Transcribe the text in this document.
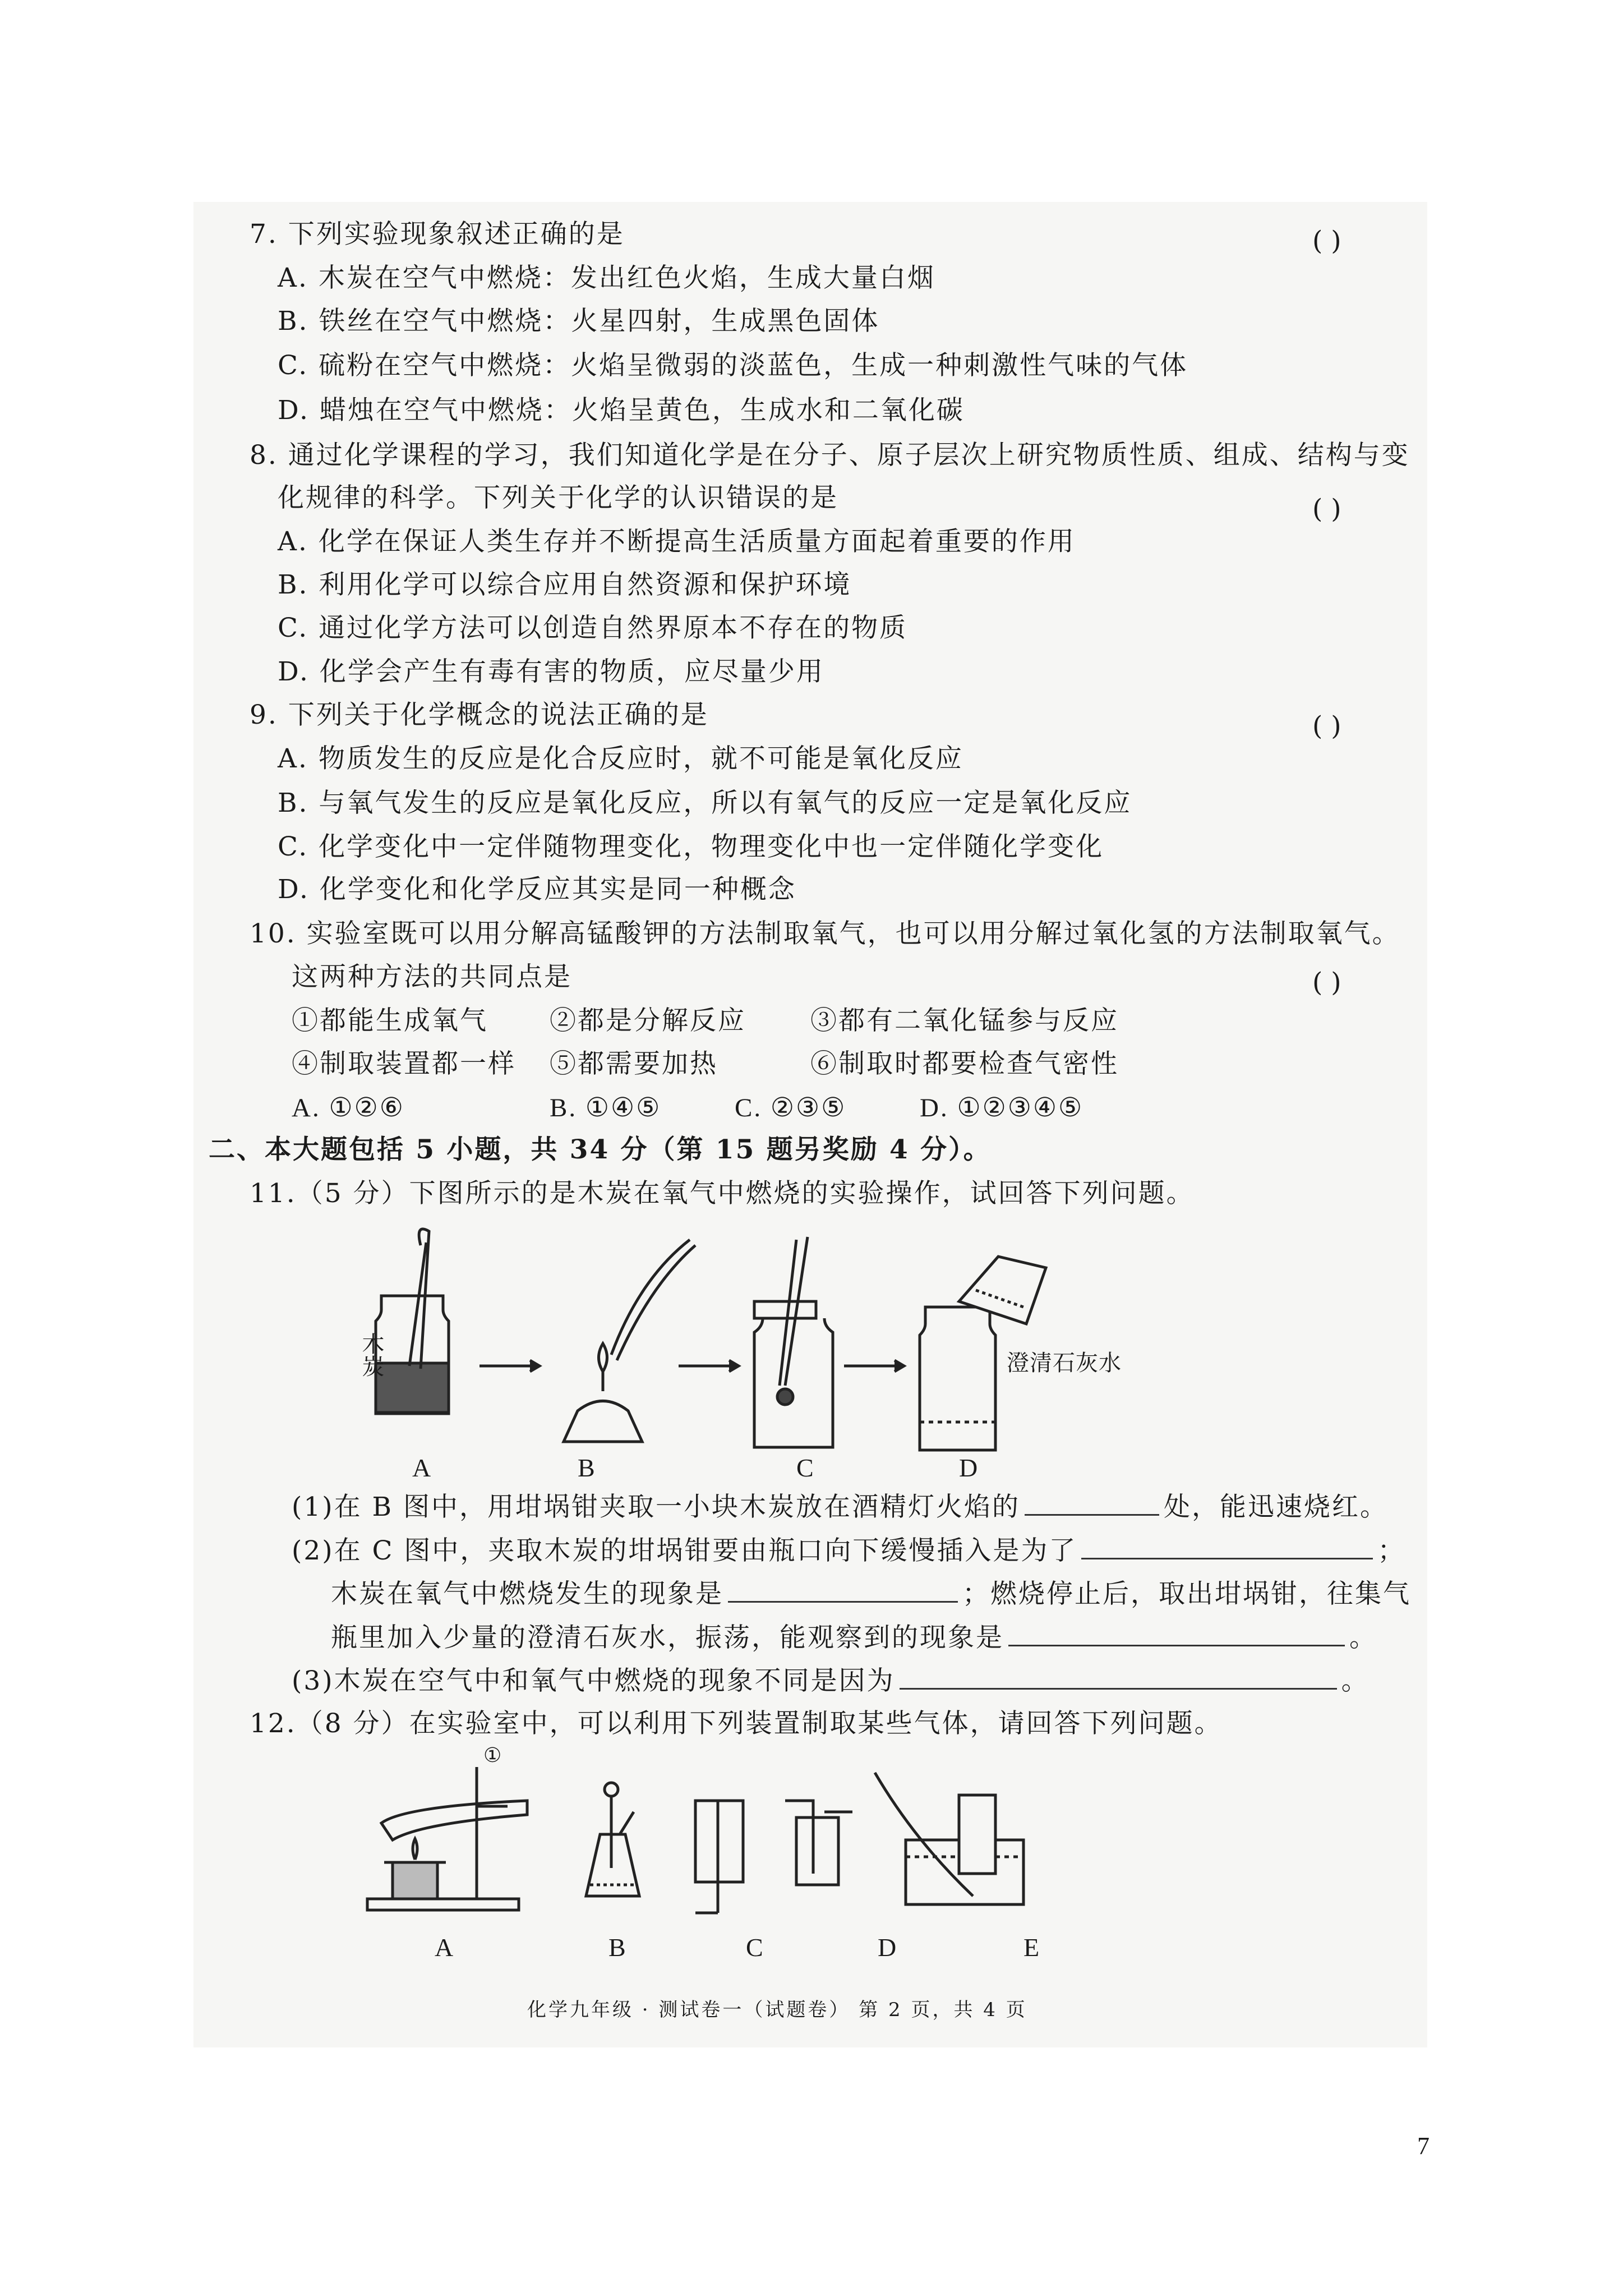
7. 下列实验现象叙述正确的是	( )
A. 木炭在空气中燃烧：发出红色火焰，生成大量白烟
B. 铁丝在空气中燃烧：火星四射，生成黑色固体
C. 硫粉在空气中燃烧：火焰呈微弱的淡蓝色，生成一种刺激性气味的气体
D. 蜡烛在空气中燃烧：火焰呈黄色，生成水和二氧化碳
8. 通过化学课程的学习，我们知道化学是在分子、原子层次上研究物质性质、组成、结构与变
化规律的科学。下列关于化学的认识错误的是	( )
A. 化学在保证人类生存并不断提高生活质量方面起着重要的作用
B. 利用化学可以综合应用自然资源和保护环境
C. 通过化学方法可以创造自然界原本不存在的物质
D. 化学会产生有毒有害的物质，应尽量少用
9. 下列关于化学概念的说法正确的是	( )
A. 物质发生的反应是化合反应时，就不可能是氧化反应
B. 与氧气发生的反应是氧化反应，所以有氧气的反应一定是氧化反应
C. 化学变化中一定伴随物理变化，物理变化中也一定伴随化学变化
D. 化学变化和化学反应其实是同一种概念
10. 实验室既可以用分解高锰酸钾的方法制取氧气，也可以用分解过氧化氢的方法制取氧气。
这两种方法的共同点是	( )
①都能生成氧气 ②都是分解反应 ③都有二氧化锰参与反应
④制取装置都一样 ⑤都需要加热	⑥制取时都要检查气密性
A. ①②⑥	B. ①④⑤	C. ②③⑤	D. ①②③④⑤
二、本大题包括 5 小题，共 34 分（第 15 题另奖励 4 分）。
11.（5 分）下图所示的是木炭在氧气中燃烧的实验操作，试回答下列问题。
木炭	澄清石灰水
A	B	C	D
(1)在 B 图中，用坩埚钳夹取一小块木炭放在酒精灯火焰的	处，能迅速烧红。
(2)在 C 图中，夹取木炭的坩埚钳要由瓶口向下缓慢插入是为了	；
木炭在氧气中燃烧发生的现象是	；燃烧停止后，取出坩埚钳，往集气
瓶里加入少量的澄清石灰水，振荡，能观察到的现象是	。
(3)木炭在空气中和氧气中燃烧的现象不同是因为	。
12.（8 分）在实验室中，可以利用下列装置制取某些气体，请回答下列问题。
①
A	B	C	D	E
化学九年级 · 测试卷一（试题卷） 第 2 页，共 4 页
7
